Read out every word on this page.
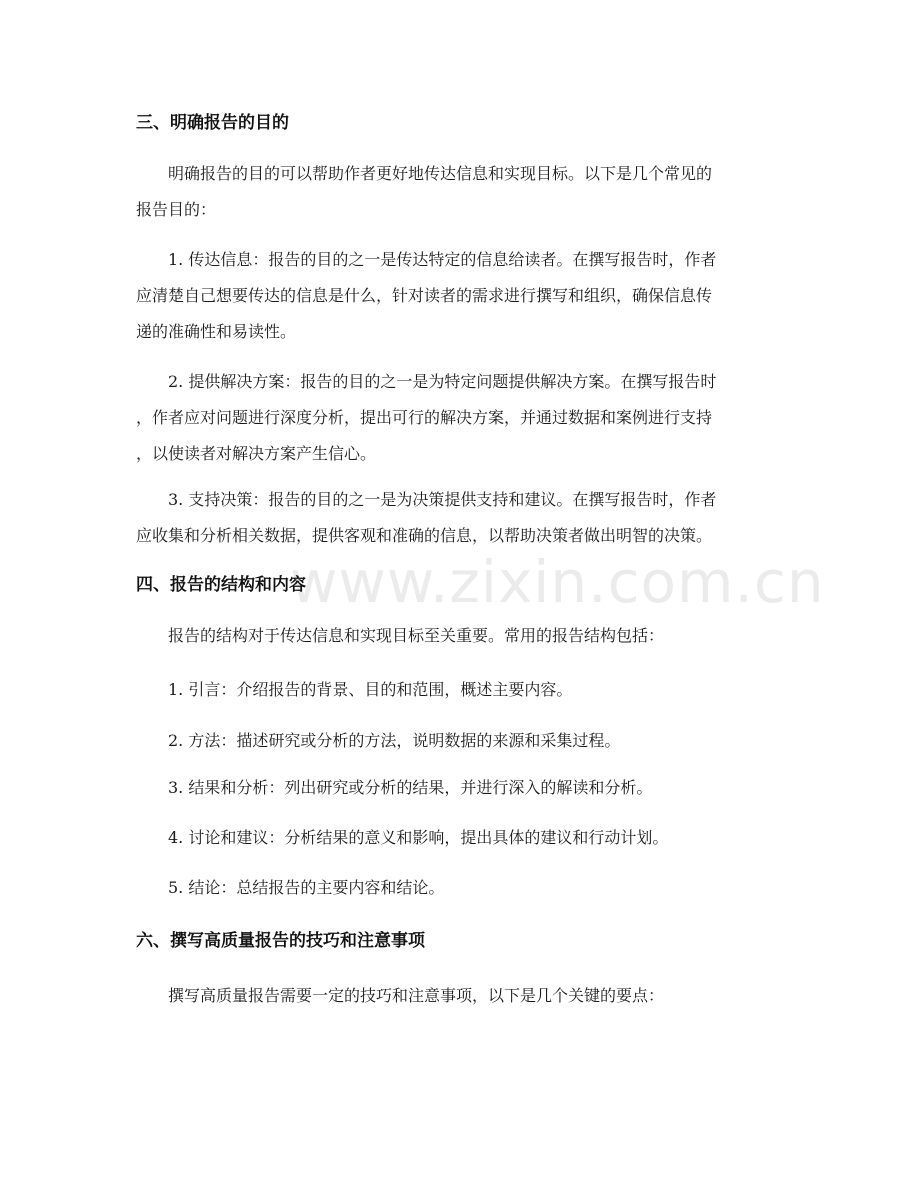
www.zixin.com.cn
三、明确报告的目的
明确报告的目的可以帮助作者更好地传达信息和实现目标。以下是几个常见的
报告目的：
1. 传达信息：报告的目的之一是传达特定的信息给读者。在撰写报告时，作者
应清楚自己想要传达的信息是什么，针对读者的需求进行撰写和组织，确保信息传
递的准确性和易读性。
2. 提供解决方案：报告的目的之一是为特定问题提供解决方案。在撰写报告时
，作者应对问题进行深度分析，提出可行的解决方案，并通过数据和案例进行支持
，以使读者对解决方案产生信心。
3. 支持决策：报告的目的之一是为决策提供支持和建议。在撰写报告时，作者
应收集和分析相关数据，提供客观和准确的信息，以帮助决策者做出明智的决策。
四、报告的结构和内容
报告的结构对于传达信息和实现目标至关重要。常用的报告结构包括：
1. 引言：介绍报告的背景、目的和范围，概述主要内容。
2. 方法：描述研究或分析的方法，说明数据的来源和采集过程。
3. 结果和分析：列出研究或分析的结果，并进行深入的解读和分析。
4. 讨论和建议：分析结果的意义和影响，提出具体的建议和行动计划。
5. 结论：总结报告的主要内容和结论。
六、撰写高质量报告的技巧和注意事项
撰写高质量报告需要一定的技巧和注意事项，以下是几个关键的要点：
